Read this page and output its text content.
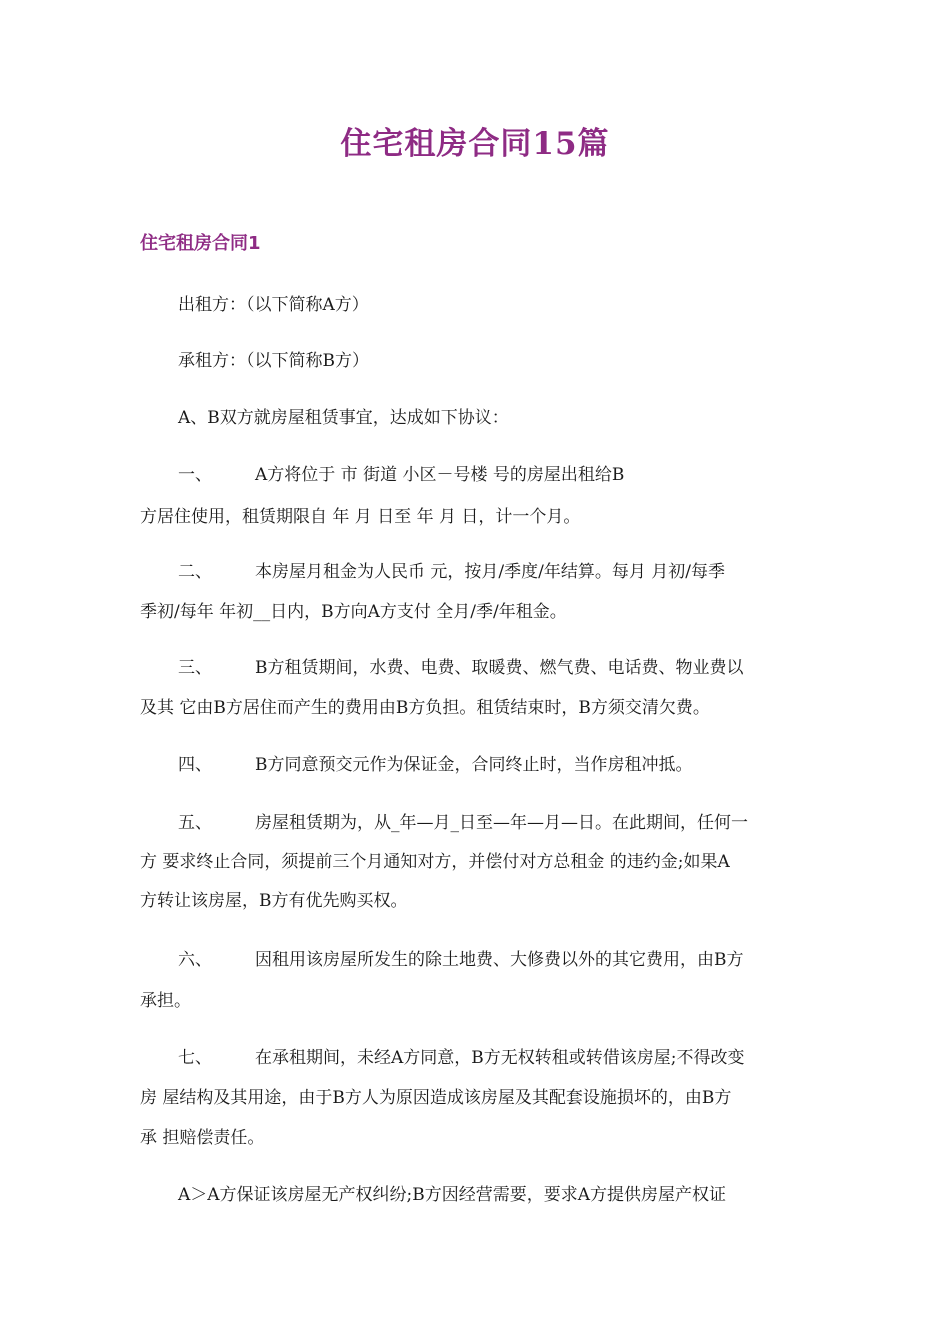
住宅租房合同15篇
住宅租房合同1
出租方：（以下简称A方）
承租方：（以下简称B方）
A、B双方就房屋租赁事宜，达成如下协议：
一、	A方将位于 市 街道 小区－号楼 号的房屋出租给B
方居住使用，租赁期限自 年 月 日至 年 月 日，计一个月。
二、	本房屋月租金为人民币 元，按月/季度/年结算。每月 月初/每季
季初/每年 年初__日内，B方向A方支付 全月/季/年租金。
三、	B方租赁期间，水费、电费、取暖费、燃气费、电话费、物业费以
及其 它由B方居住而产生的费用由B方负担。租赁结束时，B方须交清欠费。
四、	B方同意预交元作为保证金，合同终止时，当作房租冲抵。
五、	房屋租赁期为，从_年—月_日至—年—月—日。在此期间，任何一
方 要求终止合同，须提前三个月通知对方，并偿付对方总租金 的违约金;如果A
方转让该房屋，B方有优先购买权。
六、	因租用该房屋所发生的除土地费、大修费以外的其它费用，由B方
承担。
七、	在承租期间，未经A方同意，B方无权转租或转借该房屋;不得改变
房 屋结构及其用途，由于B方人为原因造成该房屋及其配套设施损坏的，由B方
承 担赔偿责任。
A＞A方保证该房屋无产权纠纷;B方因经营需要，要求A方提供房屋产权证
